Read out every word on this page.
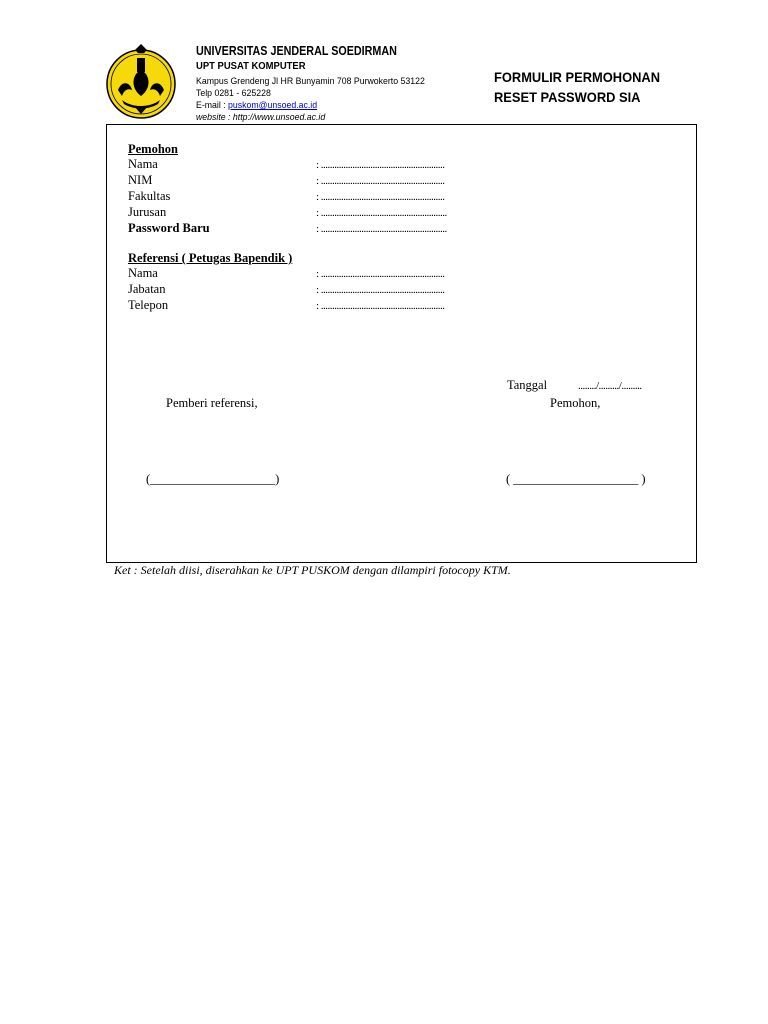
UNIVERSITAS JENDERAL SOEDIRMAN
UPT PUSAT KOMPUTER
Kampus Grendeng Jl HR Bunyamin 708 Purwokerto 53122
Telp 0281 - 625228
E-mail : puskom@unsoed.ac.id
website : http://www.unsoed.ac.id
FORMULIR PERMOHONAN
RESET PASSWORD SIA
Pemohon
Nama	: .......................................................
NIM	: .......................................................
Fakultas	: .......................................................
Jurusan	: ........................................................
Password Baru	: ........................................................
Referensi ( Petugas Bapendik )
Nama	: .......................................................
Jabatan	: .......................................................
Telepon	: .......................................................
Tanggal	......../........./.........
Pemberi referensi,	Pemohon,
(____________________)	( ____________________ )
Ket : Setelah diisi, diserahkan ke UPT PUSKOM dengan dilampiri fotocopy KTM.
